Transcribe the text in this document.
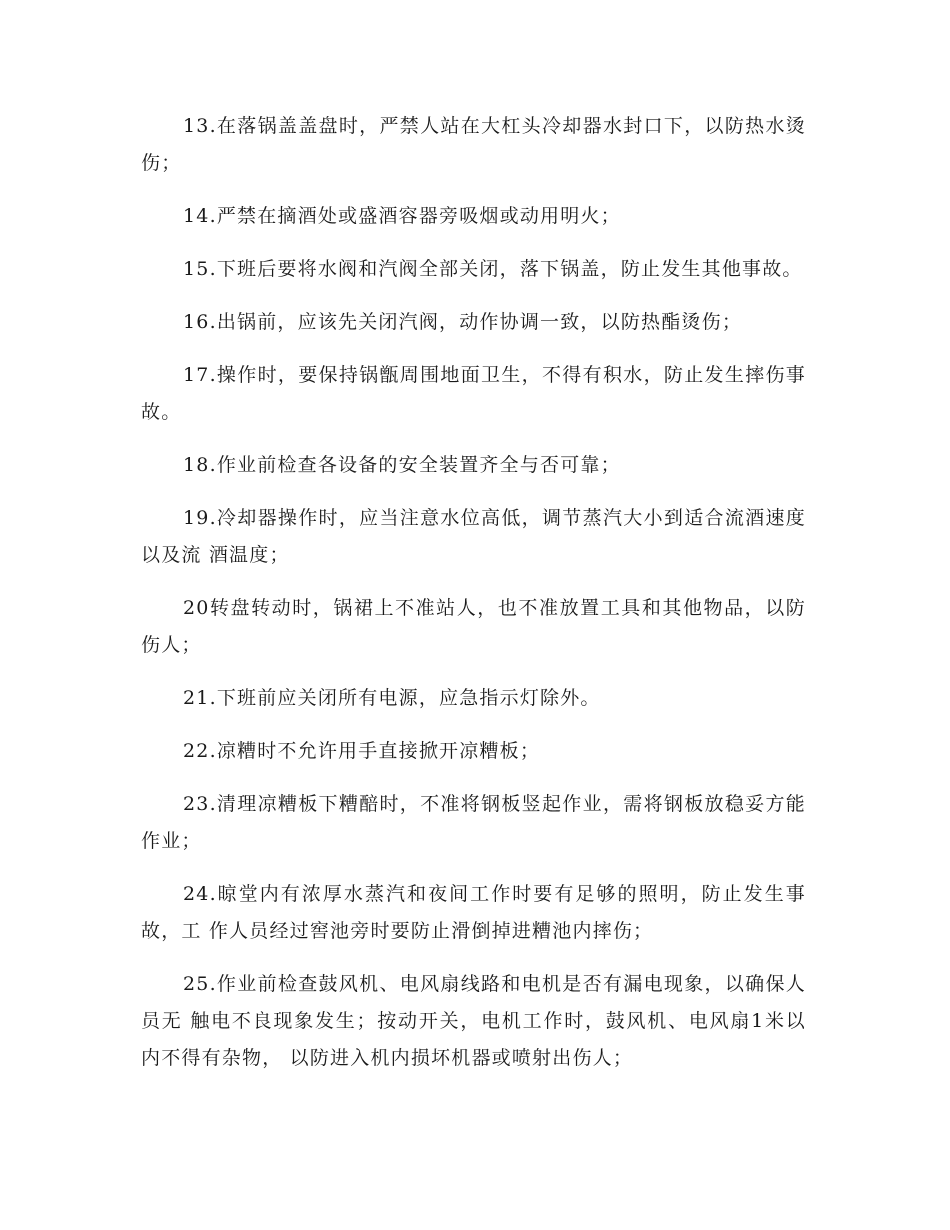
13.在落锅盖盖盘时，严禁人站在大杠头冷却器水封口下，以防热水烫伤；

14.严禁在摘酒处或盛酒容器旁吸烟或动用明火；

15.下班后要将水阀和汽阀全部关闭，落下锅盖，防止发生其他事故。

16.出锅前，应该先关闭汽阀，动作协调一致，以防热酯烫伤；

17.操作时，要保持锅甑周围地面卫生，不得有积水，防止发生摔伤事故。

18.作业前检查各设备的安全装置齐全与否可靠；

19.冷却器操作时，应当注意水位高低，调节蒸汽大小到适合流酒速度以及流 酒温度；

20转盘转动时，锅裙上不准站人，也不准放置工具和其他物品，以防伤人；

21.下班前应关闭所有电源，应急指示灯除外。

22.凉糟时不允许用手直接掀开凉糟板；

23.清理凉糟板下糟醅时，不准将钢板竖起作业，需将钢板放稳妥方能作业；

24.晾堂内有浓厚水蒸汽和夜间工作时要有足够的照明，防止发生事故，工 作人员经过窖池旁时要防止滑倒掉进糟池内摔伤；

25.作业前检查鼓风机、电风扇线路和电机是否有漏电现象，以确保人员无 触电不良现象发生；按动开关，电机工作时，鼓风机、电风扇1米以内不得有杂物， 以防进入机内损坏机器或喷射出伤人；
